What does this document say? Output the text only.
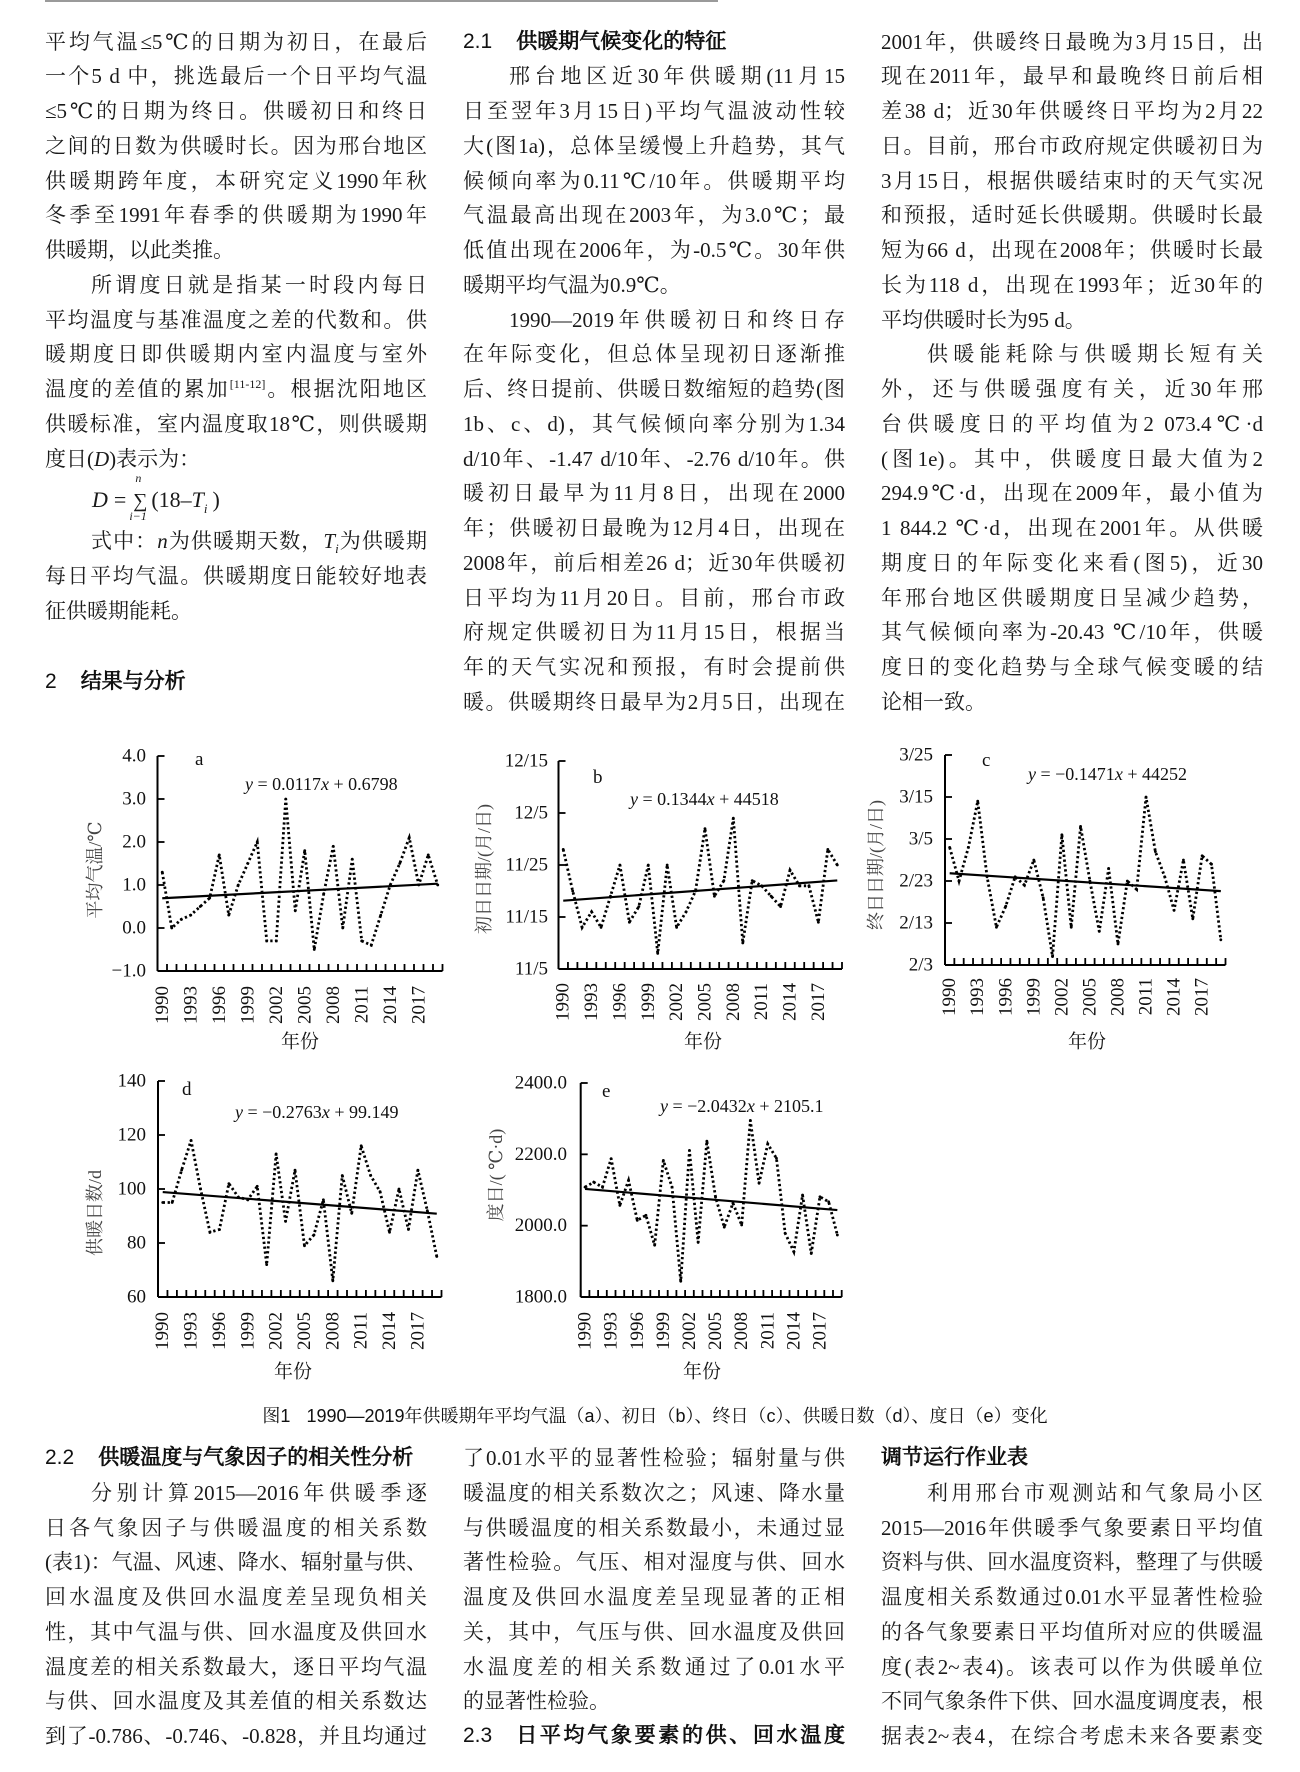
平均气温≤5℃的日期为初日，在最后
一个5 d 中，挑选最后一个日平均气温
≤5℃的日期为终日。供暖初日和终日
之间的日数为供暖时长。因为邢台地区
供暖期跨年度，本研究定义1990年秋
冬季至1991年春季的供暖期为1990年
供暖期，以此类推。
所谓度日就是指某一时段内每日
平均温度与基准温度之差的代数和。供
暖期度日即供暖期内室内温度与室外
温度的差值的累加[11-12]。根据沈阳地区
供暖标准，室内温度取18℃，则供暖期
度日(D)表示为：
D = ∑
n
i−1
($18-T_i$ )
式中：n为供暖期天数，$T_i$为供暖期
每日平均气温。供暖期度日能较好地表
征供暖期能耗。
2 结果与分析
2.1 供暖期气候变化的特征
邢台地区近30年供暖期(11月15
日至翌年3月15日)平均气温波动性较
大(图1a)，总体呈缓慢上升趋势，其气
候倾向率为0.11℃/10年。供暖期平均
气温最高出现在2003年，为3.0℃；最
低值出现在2006年，为-0.5℃。30年供
暖期平均气温为0.9℃。
1990—2019年供暖初日和终日存
在年际变化，但总体呈现初日逐渐推
后、终日提前、供暖日数缩短的趋势(图
1b、c、d)，其气候倾向率分别为1.34
d/10年、-1.47 d/10年、-2.76 d/10年。供
暖初日最早为11月8日，出现在2000
年；供暖初日最晚为12月4日，出现在
2008年，前后相差26 d；近30年供暖初
日平均为11月20日。目前，邢台市政
府规定供暖初日为11月15日，根据当
年的天气实况和预报，有时会提前供
暖。供暖期终日最早为2月5日，出现在
2001年，供暖终日最晚为3月15日，出
现在2011年，最早和最晚终日前后相
差38 d；近30年供暖终日平均为2月22
日。目前，邢台市政府规定供暖初日为
3月15日，根据供暖结束时的天气实况
和预报，适时延长供暖期。供暖时长最
短为66 d，出现在2008年；供暖时长最
长为118 d，出现在1993年；近30年的
平均供暖时长为95 d。
供暖能耗除与供暖期长短有关
外，还与供暖强度有关，近30年邢
台供暖度日的平均值为2 073.4℃·d
(图1e)。其中，供暖度日最大值为2
294.9℃·d，出现在2009年，最小值为
1 844.2 ℃·d，出现在2001年。从供暖
期度日的年际变化来看(图5)，近30
年邢台地区供暖期度日呈减少趋势，
其气候倾向率为-20.43 ℃/10年，供暖
度日的变化趋势与全球气候变暖的结
论相一致。
4.0
3.0
2.0
1.0
0.0
−1.0
1990 1993 1996 1999 2002 2005 2008 2011 2014 2017
y = 0.0117x + 0.6798
a
平均气温/℃
年份
12/15
12/5
11/25
11/15
11/5
1990 1993 1996 1999 2002 2005 2008 2011 2014 2017
y = 0.1344x + 44518
b
初日日期/(月/日)
年份
3/25
3/15
3/5
2/23
2/13
2/3
1990 1993 1996 1999 2002 2005 2008 2011 2014 2017
y = −0.1471x + 44252
c
终日日期/(月/日)
年份
140
120
100
80
60
1990 1993 1996 1999 2002 2005 2008 2011 2014 2017
y = −0.2763x + 99.149
d
供暖日数/d
年份
2400.0
2200.0
2000.0
1800.0
1990 1993 1996 1999 2002 2005 2008 2011 2014 2017
y = −2.0432x + 2105.1
e
度日/( ℃·d)
年份
图1 1990—2019年供暖期年平均气温（a）、初日（b）、终日（c）、供暖日数（d）、度日（e）变化
2.2 供暖温度与气象因子的相关性分析
分别计算2015—2016年供暖季逐
日各气象因子与供暖温度的相关系数
(表1)：气温、风速、降水、辐射量与供、
回水温度及供回水温度差呈现负相关
性，其中气温与供、回水温度及供回水
温度差的相关系数最大，逐日平均气温
与供、回水温度及其差值的相关系数达
到了-0.786、-0.746、-0.828，并且均通过
了0.01水平的显著性检验；辐射量与供
暖温度的相关系数次之；风速、降水量
与供暖温度的相关系数最小，未通过显
著性检验。气压、相对湿度与供、回水
温度及供回水温度差呈现显著的正相
关，其中，气压与供、回水温度及供回
水温度差的相关系数通过了0.01水平
的显著性检验。
2.3 日平均气象要素的供、回水温度
调节运行作业表
利用邢台市观测站和气象局小区
2015—2016年供暖季气象要素日平均值
资料与供、回水温度资料，整理了与供暖
温度相关系数通过0.01水平显著性检验
的各气象要素日平均值所对应的供暖温
度(表2~表4)。该表可以作为供暖单位
不同气象条件下供、回水温度调度表，根
据表2~表4，在综合考虑未来各要素变
